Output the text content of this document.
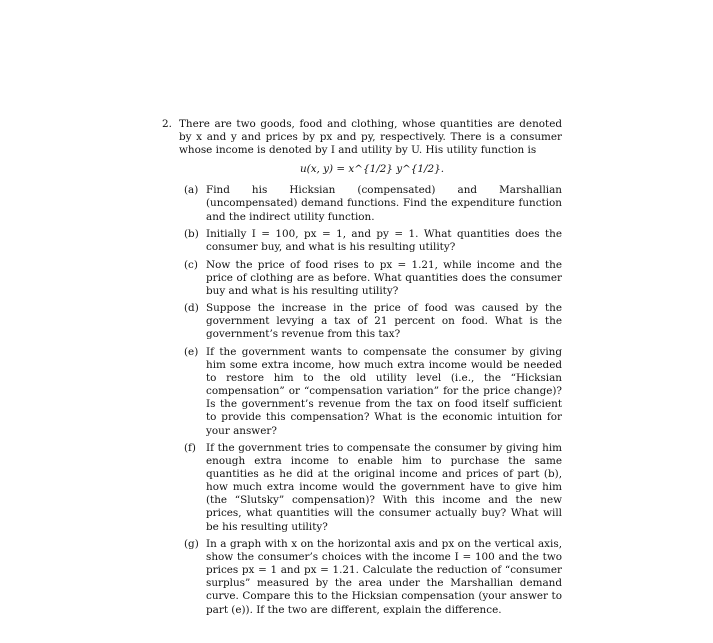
2. There are two goods, food and clothing, whose quantities are denoted by x and y and prices by px and py, respectively. There is a consumer whose income is denoted by I and utility by U. His utility function is
u(x, y) = x^{1/2} y^{1/2}.
(a) Find his Hicksian (compensated) and Marshallian (uncompensated) demand functions. Find the expenditure function and the indirect utility function.
(b) Initially I = 100, px = 1, and py = 1. What quantities does the consumer buy, and what is his resulting utility?
(c) Now the price of food rises to px = 1.21, while income and the price of clothing are as before. What quantities does the consumer buy and what is his resulting utility?
(d) Suppose the increase in the price of food was caused by the government levying a tax of 21 percent on food. What is the government’s revenue from this tax?
(e) If the government wants to compensate the consumer by giving him some extra income, how much extra income would be needed to restore him to the old utility level (i.e., the “Hicksian compensation” or “compensation variation” for the price change)? Is the government’s revenue from the tax on food itself sufficient to provide this compensation? What is the economic intuition for your answer?
(f) If the government tries to compensate the consumer by giving him enough extra income to enable him to purchase the same quantities as he did at the original income and prices of part (b), how much extra income would the government have to give him (the “Slutsky” compensation)? With this income and the new prices, what quantities will the consumer actually buy? What will be his resulting utility?
(g) In a graph with x on the horizontal axis and px on the vertical axis, show the consumer’s choices with the income I = 100 and the two prices px = 1 and px = 1.21. Calculate the reduction of “consumer surplus” measured by the area under the Marshallian demand curve. Compare this to the Hicksian compensation (your answer to part (e)). If the two are different, explain the difference.
